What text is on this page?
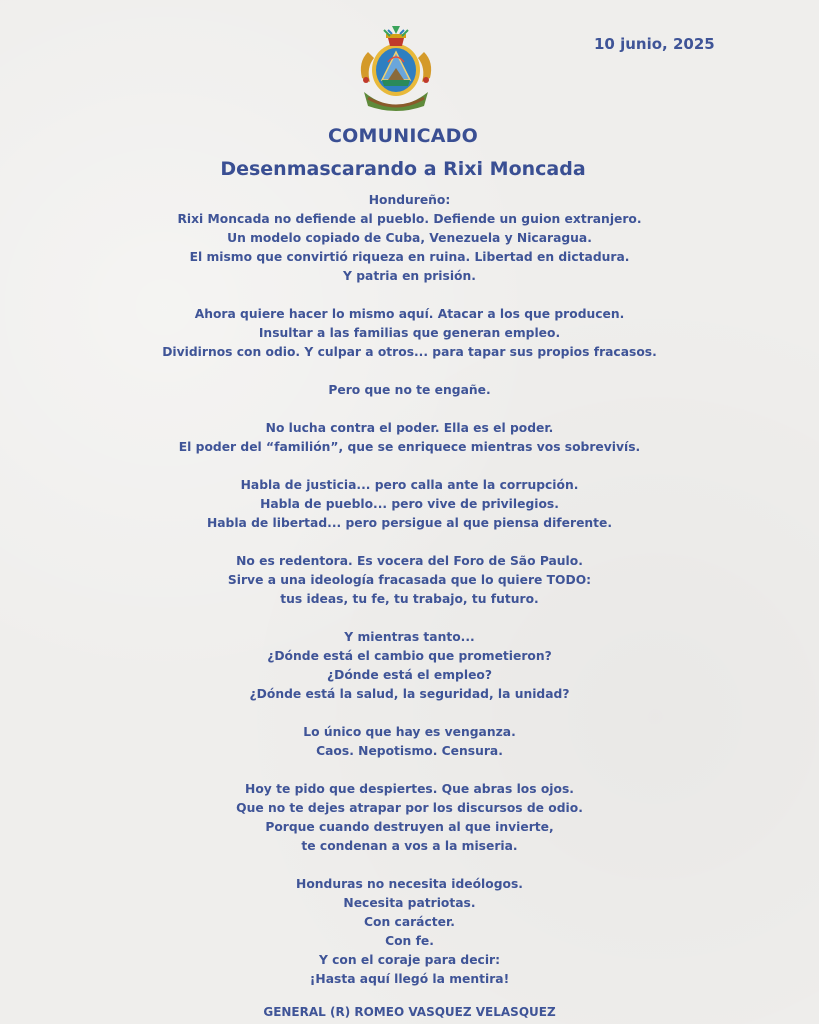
10 junio, 2025
COMUNICADO
Desenmascarando a Rixi Moncada
Hondureño:
Rixi Moncada no defiende al pueblo. Defiende un guion extranjero.
Un modelo copiado de Cuba, Venezuela y Nicaragua.
El mismo que convirtió riqueza en ruina. Libertad en dictadura.
Y patria en prisión.
Ahora quiere hacer lo mismo aquí. Atacar a los que producen.
Insultar a las familias que generan empleo.
Dividirnos con odio. Y culpar a otros... para tapar sus propios fracasos.
Pero que no te engañe.
No lucha contra el poder. Ella es el poder.
El poder del “familión”, que se enriquece mientras vos sobrevivís.
Habla de justicia... pero calla ante la corrupción.
Habla de pueblo... pero vive de privilegios.
Habla de libertad... pero persigue al que piensa diferente.
No es redentora. Es vocera del Foro de São Paulo.
Sirve a una ideología fracasada que lo quiere TODO:
tus ideas, tu fe, tu trabajo, tu futuro.
Y mientras tanto...
¿Dónde está el cambio que prometieron?
¿Dónde está el empleo?
¿Dónde está la salud, la seguridad, la unidad?
Lo único que hay es venganza.
Caos. Nepotismo. Censura.
Hoy te pido que despiertes. Que abras los ojos.
Que no te dejes atrapar por los discursos de odio.
Porque cuando destruyen al que invierte,
te condenan a vos a la miseria.
Honduras no necesita ideólogos.
Necesita patriotas.
Con carácter.
Con fe.
Y con el coraje para decir:
¡Hasta aquí llegó la mentira!
GENERAL (R) ROMEO VASQUEZ VELASQUEZ
